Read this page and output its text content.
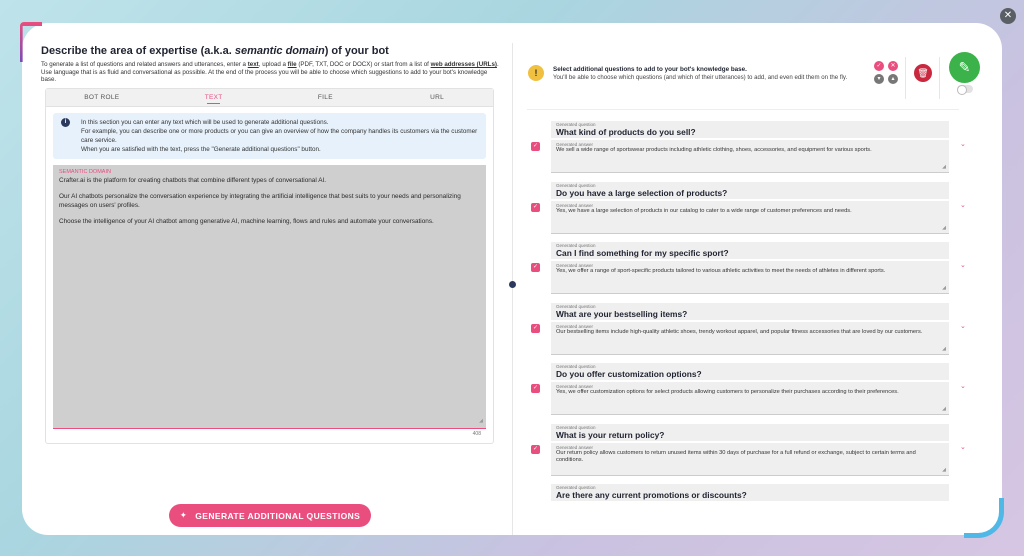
✕
Describe the area of expertise (a.k.a. semantic domain) of your bot
To generate a list of questions and related answers and utterances, enter a text, upload a file (PDF, TXT, DOC or DOCX) or start from a list of web addresses (URLs). Use language that is as fluid and conversational as possible. At the end of the process you will be able to choose which suggestions to add to your bot's knowledge base.
BOT ROLE	TEXT	FILE	URL
i	In this section you can enter any text which will be used to generate additional questions.
For example, you can describe one or more products or you can give an overview of how the company handles its customers via the customer care service.
When you are satisfied with the text, press the "Generate additional questions" button.
SEMANTIC DOMAIN

Crafter.ai is the platform for creating chatbots that combine different types of conversational AI.

Our AI chatbots personalize the conversation experience by integrating the artificial intelligence that best suits to your needs and personalizing messages on users' profiles.

Choose the intelligence of your AI chatbot among generative AI, machine learning, flows and rules and automate your conversations.

◢
408
✦ GENERATE ADDITIONAL QUESTIONS
!	Select additional questions to add to your bot's knowledge base.
You'll be able to choose which questions (and which of their utterances) to add, and even edit them on the fly.
✓	✕
▾	▴
🗑	✎
✓
Generated question
What kind of products do you sell?
Generated answer
We sell a wide range of sportswear products including athletic clothing, shoes, accessories, and equipment for various sports.
◢
⌄
✓
Generated question
Do you have a large selection of products?
Generated answer
Yes, we have a large selection of products in our catalog to cater to a wide range of customer preferences and needs.
◢
⌄
✓
Generated question
Can I find something for my specific sport?
Generated answer
Yes, we offer a range of sport-specific products tailored to various athletic activities to meet the needs of athletes in different sports.
◢
⌄
✓
Generated question
What are your bestselling items?
Generated answer
Our bestselling items include high-quality athletic shoes, trendy workout apparel, and popular fitness accessories that are loved by our customers.
◢
⌄
✓
Generated question
Do you offer customization options?
Generated answer
Yes, we offer customization options for select products allowing customers to personalize their purchases according to their preferences.
◢
⌄
✓
Generated question
What is your return policy?
Generated answer
Our return policy allows customers to return unused items within 30 days of purchase for a full refund or exchange, subject to certain terms and conditions.
◢
⌄
Generated question
Are there any current promotions or discounts?
